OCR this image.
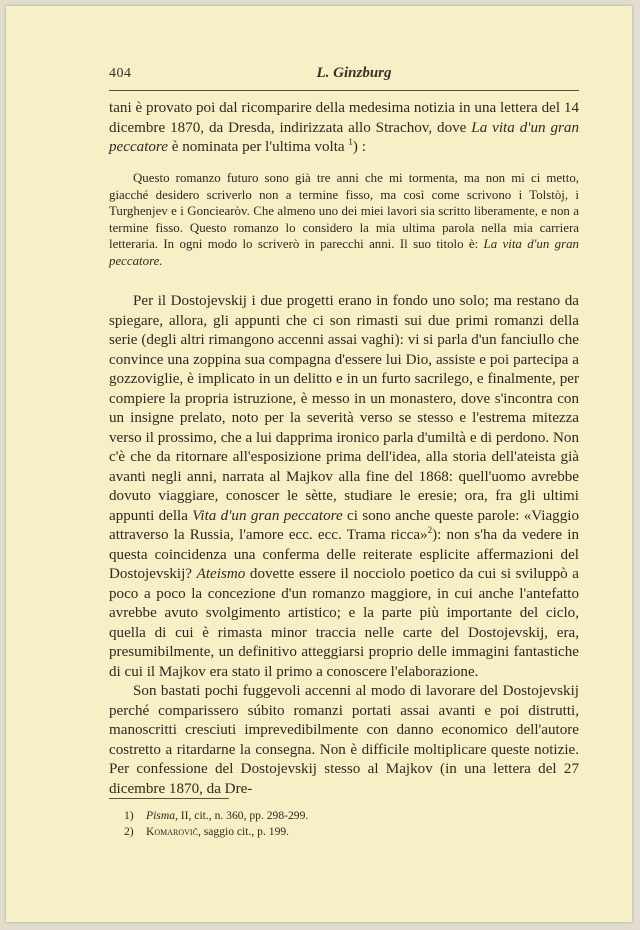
404	L. Ginzburg

tani è provato poi dal ricomparire della medesima notizia in una lettera del 14 dicembre 1870, da Dresda, indirizzata allo Strachov, dove La vita d'un gran peccatore è nominata per l'ultima volta $^1$) :

Questo romanzo futuro sono già tre anni che mi tormenta, ma non mi ci metto, giacché desidero scriverlo non a termine fisso, ma così come scrivono i Tolstòj, i Turghenjev e i Gonciearòv. Che almeno uno dei miei lavori sia scritto liberamente, e non a termine fisso. Questo romanzo lo considero la mia ultima parola nella mia carriera letteraria. In ogni modo lo scriverò in parecchi anni. Il suo titolo è: La vita d'un gran peccatore.

Per il Dostojevskij i due progetti erano in fondo uno solo; ma restano da spiegare, allora, gli appunti che ci son rimasti sui due primi romanzi della serie (degli altri rimangono accenni assai vaghi): vi si parla d'un fanciullo che convince una zoppina sua compagna d'essere lui Dio, assiste e poi partecipa a gozzoviglie, è implicato in un delitto e in un furto sacrilego, e finalmente, per compiere la propria istruzione, è messo in un monastero, dove s'incontra con un insigne prelato, noto per la severità verso se stesso e l'estrema mitezza verso il prossimo, che a lui dapprima ironico parla d'umiltà e di perdono. Non c'è che da ritornare all'esposizione prima dell'idea, alla storia dell'ateista già avanti negli anni, narrata al Majkov alla fine del 1868: quell'uomo avrebbe dovuto viaggiare, conoscer le sètte, studiare le eresie; ora, fra gli ultimi appunti della Vita d'un gran peccatore ci sono anche queste parole: «Viaggio attraverso la Russia, l'amore ecc. ecc. Trama ricca»$^2$): non s'ha da vedere in questa coincidenza una conferma delle reiterate esplicite affermazioni del Dostojevskij? Ateismo dovette essere il nocciolo poetico da cui si sviluppò a poco a poco la concezione d'un romanzo maggiore, in cui anche l'antefatto avrebbe avuto svolgimento artistico; e la parte più importante del ciclo, quella di cui è rimasta minor traccia nelle carte del Dostojevskij, era, presumibilmente, un definitivo atteggiarsi proprio delle immagini fantastiche di cui il Majkov era stato il primo a conoscere l'elaborazione.

Son bastati pochi fuggevoli accenni al modo di lavorare del Dostojevskij perché comparissero súbito romanzi portati assai avanti e poi distrutti, manoscritti cresciuti imprevedibilmente con danno economico dell'autore costretto a ritardarne la consegna. Non è difficile moltiplicare queste notizie. Per confessione del Dostojevskij stesso al Majkov (in una lettera del 27 dicembre 1870, da Dre-

1) Pisma, II, cit., n. 360, pp. 298-299.
2) Komarovič, saggio cit., p. 199.
